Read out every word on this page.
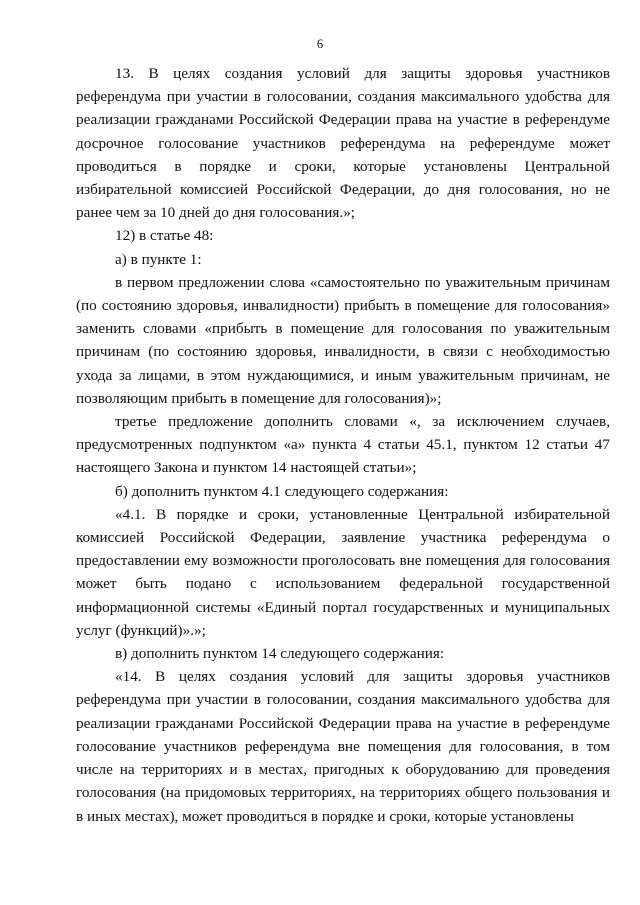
6

13. В целях создания условий для защиты здоровья участников референдума при участии в голосовании, создания максимального удобства для реализации гражданами Российской Федерации права на участие в референдуме досрочное голосование участников референдума на референдуме может проводиться в порядке и сроки, которые установлены Центральной избирательной комиссией Российской Федерации, до дня голосования, но не ранее чем за 10 дней до дня голосования.»;

12) в статье 48:

а) в пункте 1:

в первом предложении слова «самостоятельно по уважительным причинам (по состоянию здоровья, инвалидности) прибыть в помещение для голосования» заменить словами «прибыть в помещение для голосования по уважительным причинам (по состоянию здоровья, инвалидности, в связи с необходимостью ухода за лицами, в этом нуждающимися, и иным уважительным причинам, не позволяющим прибыть в помещение для голосования)»;

третье предложение дополнить словами «, за исключением случаев, предусмотренных подпунктом «а» пункта 4 статьи 45.1, пунктом 12 статьи 47 настоящего Закона и пунктом 14 настоящей статьи»;

б) дополнить пунктом 4.1 следующего содержания:

«4.1. В порядке и сроки, установленные Центральной избирательной комиссией Российской Федерации, заявление участника референдума о предоставлении ему возможности проголосовать вне помещения для голосования может быть подано с использованием федеральной государственной информационной системы «Единый портал государственных и муниципальных услуг (функций)».»;

в) дополнить пунктом 14 следующего содержания:

«14. В целях создания условий для защиты здоровья участников референдума при участии в голосовании, создания максимального удобства для реализации гражданами Российской Федерации права на участие в референдуме голосование участников референдума вне помещения для голосования, в том числе на территориях и в местах, пригодных к оборудованию для проведения голосования (на придомовых территориях, на территориях общего пользования и в иных местах), может проводиться в порядке и сроки, которые установлены
